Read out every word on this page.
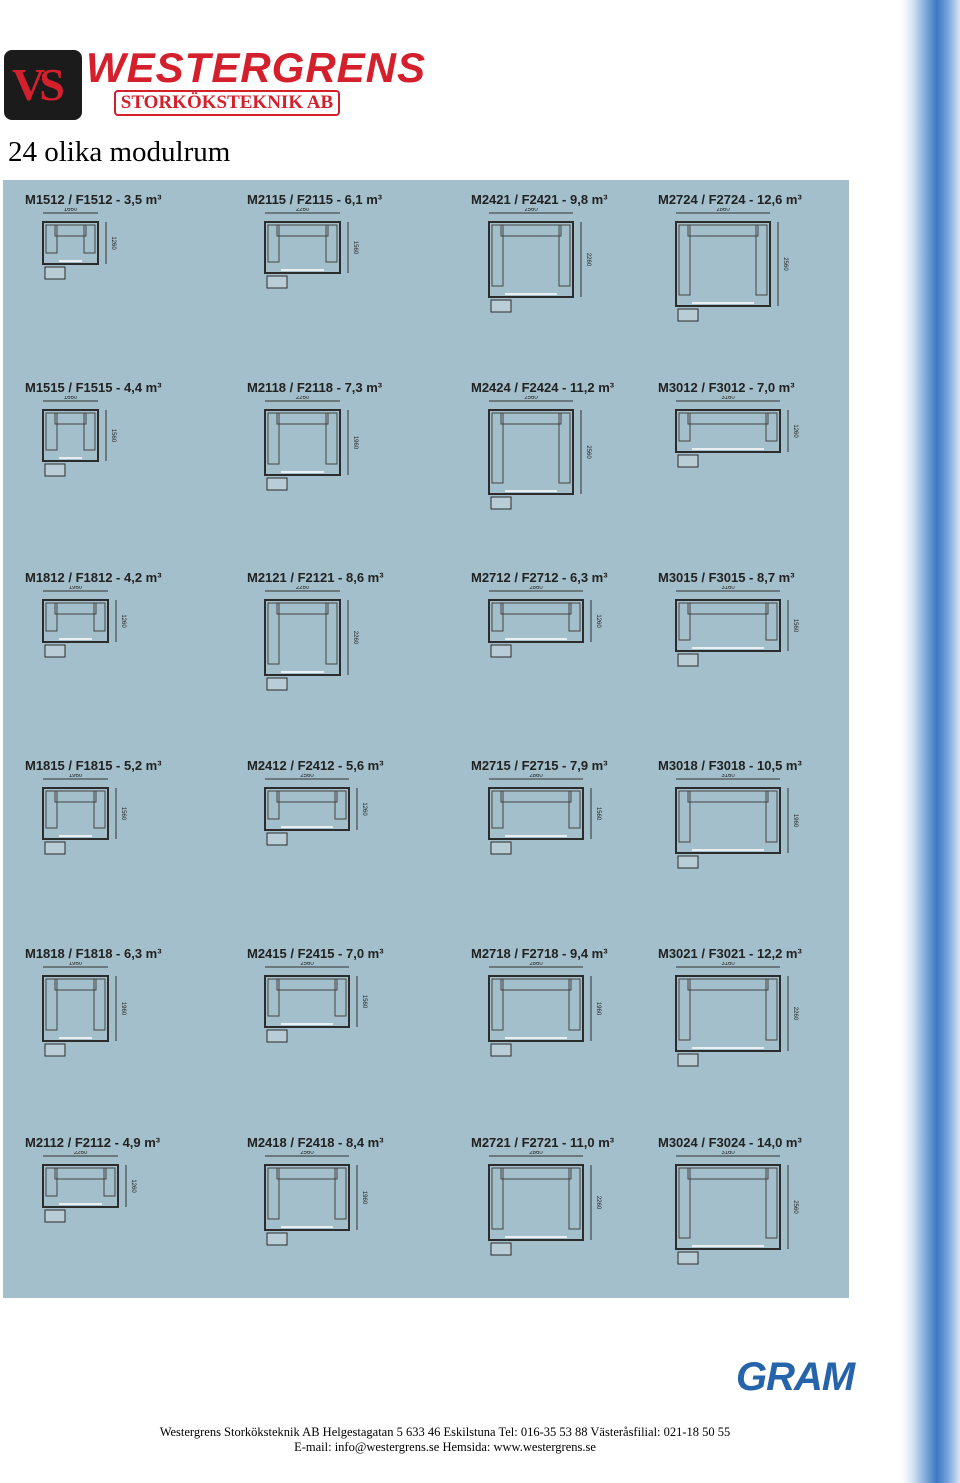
VS WESTERGRENS
STORKÖKSTEKNIK AB
24 olika modulrum
M1512 / F1512 - 3,5 m³
1660
1260
M2115 / F2115 - 6,1 m³
2260
1560
M2421 / F2421 - 9,8 m³
2560
2260
M2724 / F2724 - 12,6 m³
2860
2560
M1515 / F1515 - 4,4 m³
1660
1560
M2118 / F2118 - 7,3 m³
2260
1960
M2424 / F2424 - 11,2 m³
2560
2560
M3012 / F3012 - 7,0 m³
3160
1260
M1812 / F1812 - 4,2 m³
1960
1260
M2121 / F2121 - 8,6 m³
2260
2260
M2712 / F2712 - 6,3 m³
2860
1260
M3015 / F3015 - 8,7 m³
3160
1560
M1815 / F1815 - 5,2 m³
1960
1560
M2412 / F2412 - 5,6 m³
2560
1260
M2715 / F2715 - 7,9 m³
2860
1560
M3018 / F3018 - 10,5 m³
3160
1960
M1818 / F1818 - 6,3 m³
1960
1960
M2415 / F2415 - 7,0 m³
2560
1560
M2718 / F2718 - 9,4 m³
2860
1960
M3021 / F3021 - 12,2 m³
3160
2260
M2112 / F2112 - 4,9 m³
2260
1260
M2418 / F2418 - 8,4 m³
2560
1960
M2721 / F2721 - 11,0 m³
2860
2260
M3024 / F3024 - 14,0 m³
3160
2560
GRAM
Westergrens Storköksteknik AB Helgestagatan 5 633 46 Eskilstuna Tel: 016-35 53 88 Västeråsfilial: 021-18 50 55
E-mail: info@westergrens.se Hemsida: www.westergrens.se
